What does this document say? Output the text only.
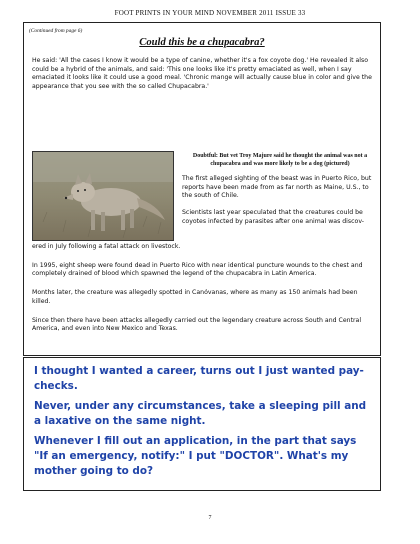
FOOT PRINTS IN YOUR MIND NOVEMBER 2011 ISSUE 33
(Continued from page 6)
Could this be a chupacabra?

He said: 'All the cases I know it would be a type of canine, whether it's a fox coyote dog.' He revealed it also could be a hybrid of the animals, and said: 'This one looks like it's pretty emaciated as well, when I say emaciated it looks like it could use a good meal. 'Chronic mange will actually cause blue in color and give the appearance that you see with the so called Chupacabra.'

Doubtful: But vet Troy Majure said he thought the animal was not a chupacabra and was more likely to be a dog (pictured)

The first alleged sighting of the beast was in Puerto Rico, but reports have been made from as far north as Maine, U.S., to the south of Chile.

Scientists last year speculated that the creatures could be coyotes infected by parasites after one animal was discov-

ered in July following a fatal attack on livestock.

In 1995, eight sheep were found dead in Puerto Rico with near identical puncture wounds to the chest and completely drained of blood which spawned the legend of the chupacabra in Latin America.

Months later, the creature was allegedly spotted in Canóvanas, where as many as 150 animals had been killed.

Since then there have been attacks allegedly carried out the legendary creature across South and Central America, and even into New Mexico and Texas.

I thought I wanted a career, turns out I just wanted pay-checks.

Never, under any circumstances, take a sleeping pill and a laxative on the same night.

Whenever I fill out an application, in the part that says "If an emergency, notify:" I put "DOCTOR". What's my mother going to do?

7
